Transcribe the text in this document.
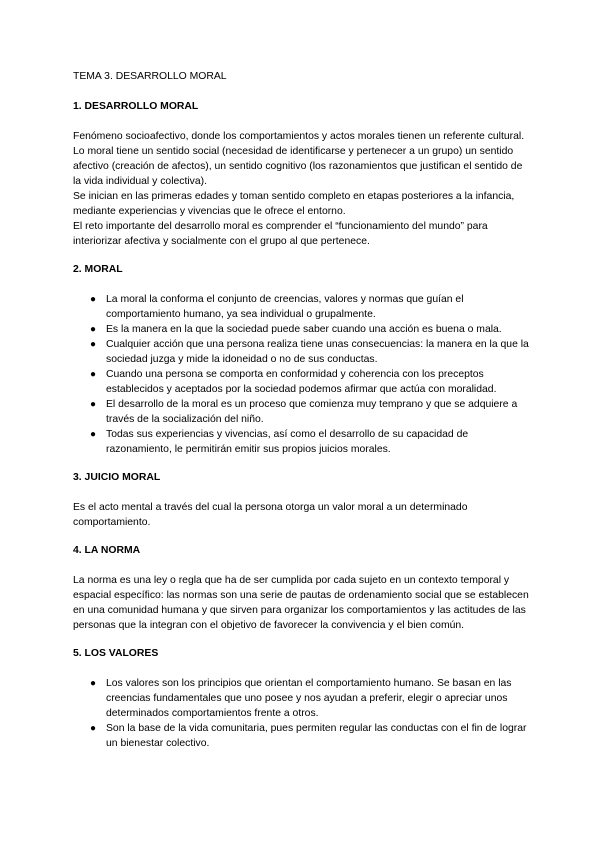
TEMA 3. DESARROLLO MORAL
1. DESARROLLO MORAL

Fenómeno socioafectivo, donde los comportamientos y actos morales tienen un referente cultural. Lo moral tiene un sentido social (necesidad de identificarse y pertenecer a un grupo) un sentido afectivo (creación de afectos), un sentido cognitivo (los razonamientos que justifican el sentido de la vida individual y colectiva).

Se inician en las primeras edades y toman sentido completo en etapas posteriores a la infancia, mediante experiencias y vivencias que le ofrece el entorno.

El reto importante del desarrollo moral es comprender el “funcionamiento del mundo” para interiorizar afectiva y socialmente con el grupo al que pertenece.

2. MORAL
● La moral la conforma el conjunto de creencias, valores y normas que guían el comportamiento humano, ya sea individual o grupalmente.
● Es la manera en la que la sociedad puede saber cuando una acción es buena o mala.
● Cualquier acción que una persona realiza tiene unas consecuencias: la manera en la que la sociedad juzga y mide la idoneidad o no de sus conductas.
● Cuando una persona se comporta en conformidad y coherencia con los preceptos establecidos y aceptados por la sociedad podemos afirmar que actúa con moralidad.
● El desarrollo de la moral es un proceso que comienza muy temprano y que se adquiere a través de la socialización del niño.
● Todas sus experiencias y vivencias, así como el desarrollo de su capacidad de razonamiento, le permitirán emitir sus propios juicios morales.
3. JUICIO MORAL

Es el acto mental a través del cual la persona otorga un valor moral a un determinado comportamiento.

4. LA NORMA

La norma es una ley o regla que ha de ser cumplida por cada sujeto en un contexto temporal y espacial específico: las normas son una serie de pautas de ordenamiento social que se establecen en una comunidad humana y que sirven para organizar los comportamientos y las actitudes de las personas que la integran con el objetivo de favorecer la convivencia y el bien común.

5. LOS VALORES
● Los valores son los principios que orientan el comportamiento humano. Se basan en las creencias fundamentales que uno posee y nos ayudan a preferir, elegir o apreciar unos determinados comportamientos frente a otros.
● Son la base de la vida comunitaria, pues permiten regular las conductas con el fin de lograr un bienestar colectivo.
